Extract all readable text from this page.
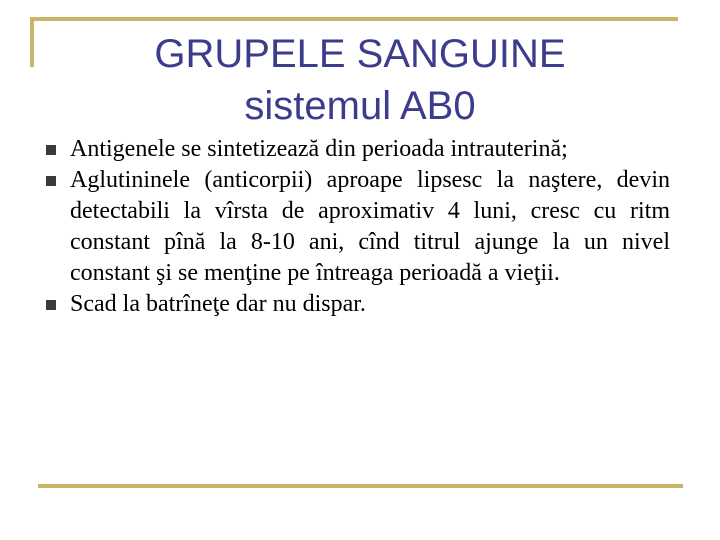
GRUPELE SANGUINE
sistemul AB0
Antigenele se sintetizează din perioada intrauterină;
Aglutininele (anticorpii) aproape lipsesc la naştere, devin detectabili la vîrsta de aproximativ 4 luni, cresc cu ritm constant pînă la 8-10 ani, cînd titrul ajunge la un nivel constant şi se menţine pe întreaga perioadă a vieţii.
Scad la batrîneţe dar nu dispar.
